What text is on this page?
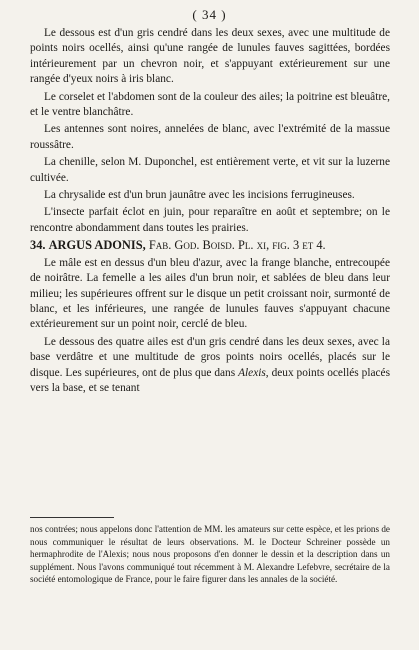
( 34 )

Le dessous est d'un gris cendré dans les deux sexes, avec une multitude de points noirs ocellés, ainsi qu'une rangée de lunules fauves sagittées, bordées intérieurement par un chevron noir, et s'appuyant extérieurement sur une rangée d'yeux noirs à iris blanc.

Le corselet et l'abdomen sont de la couleur des ailes; la poitrine est bleuâtre, et le ventre blanchâtre.

Les antennes sont noires, annelées de blanc, avec l'extrémité de la massue roussâtre.

La chenille, selon M. Duponchel, est entièrement verte, et vit sur la luzerne cultivée.

La chrysalide est d'un brun jaunâtre avec les incisions ferrugineuses.

L'insecte parfait éclot en juin, pour reparaître en août et septembre; on le rencontre abondamment dans toutes les prairies.

34. ARGUS ADONIS, Fab. God. Boisd. Pl. xi, fig. 3 et 4.

Le mâle est en dessus d'un bleu d'azur, avec la frange blanche, entrecoupée de noirâtre. La femelle a les ailes d'un brun noir, et sablées de bleu dans leur milieu; les supérieures offrent sur le disque un petit croissant noir, surmonté de blanc, et les inférieures, une rangée de lunules fauves s'appuyant chacune extérieurement sur un point noir, cerclé de bleu.

Le dessous des quatre ailes est d'un gris cendré dans les deux sexes, avec la base verdâtre et une multitude de gros points noirs ocellés, placés sur le disque. Les supérieures, ont de plus que dans Alexis, deux points ocellés placés vers la base, et se tenant

nos contrées; nous appelons donc l'attention de MM. les amateurs sur cette espèce, et les prions de nous communiquer le résultat de leurs observations. M. le Docteur Schreiner possède un hermaphrodite de l'Alexis; nous nous proposons d'en donner le dessin et la description dans un supplément. Nous l'avons communiqué tout récemment à M. Alexandre Lefebvre, secrétaire de la société entomologique de France, pour le faire figurer dans les annales de la société.
